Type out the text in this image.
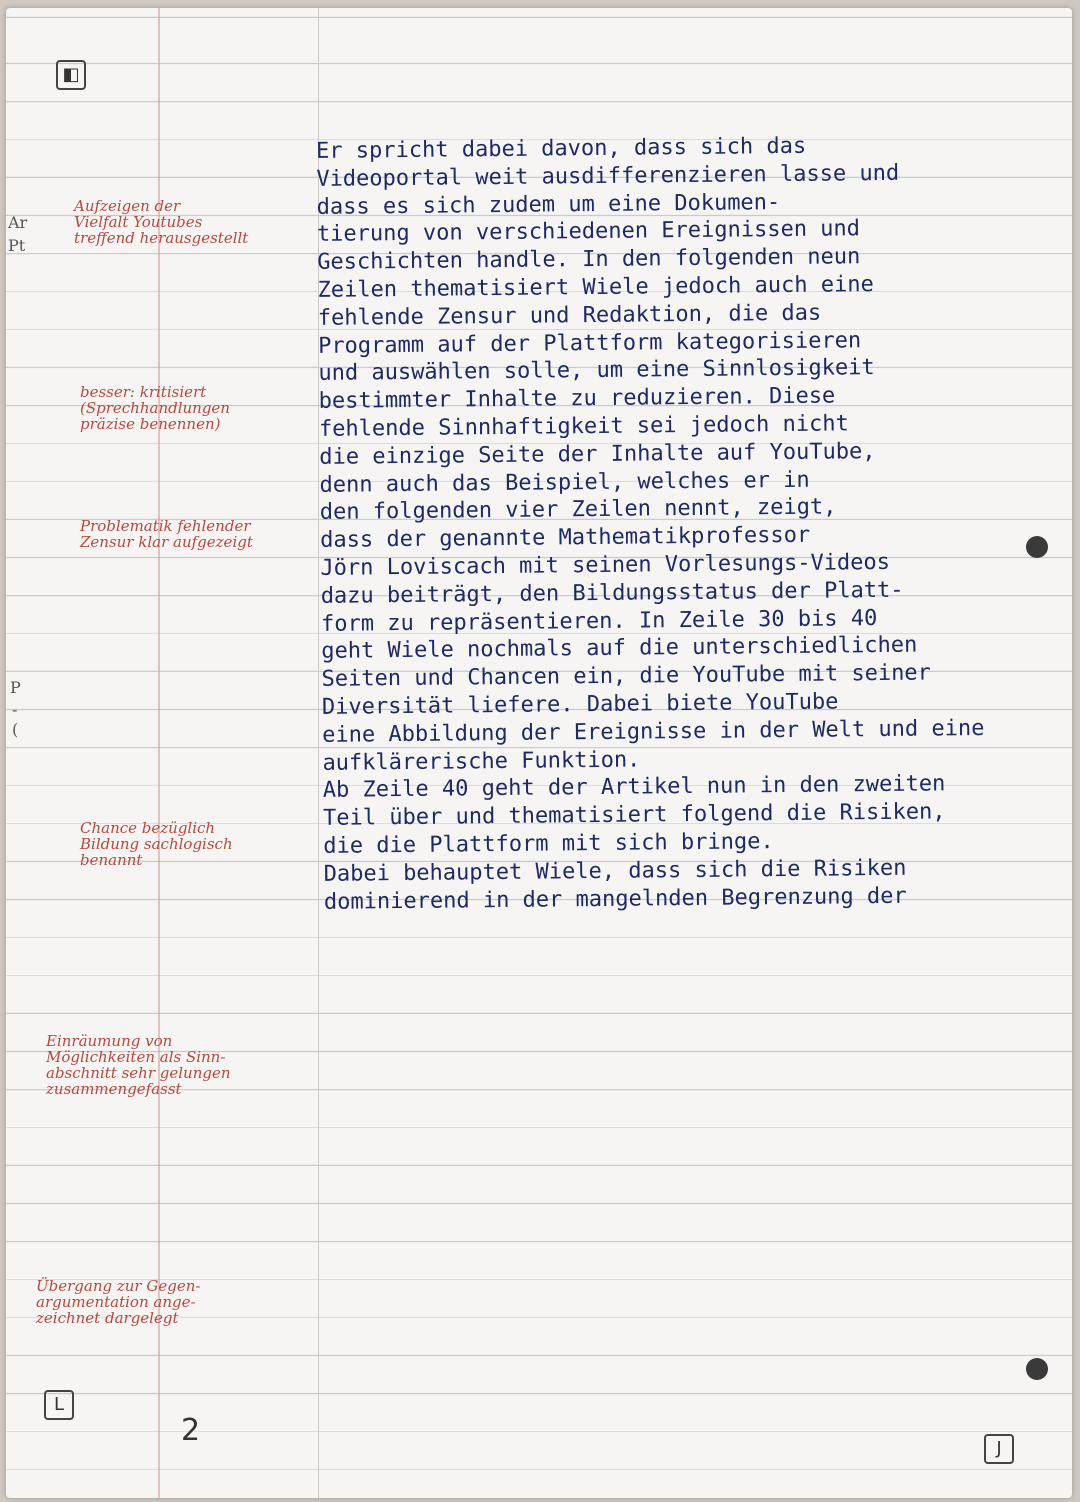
◧
L
J
Ar
Pt
P
-
(
Aufzeigen der
Vielfalt Youtubes
treffend herausgestellt
besser: kritisiert
(Sprechhandlungen
präzise benennen)
Problematik fehlender
Zensur klar aufgezeigt
Chance bezüglich
Bildung sachlogisch
benannt
Einräumung von
Möglichkeiten als Sinn-
abschnitt sehr gelungen
zusammengefasst
Übergang zur Gegen-
argumentation ange-
zeichnet dargelegt
Er spricht dabei davon, dass sich das
Videoportal weit ausdifferenzieren lasse und
dass es sich zudem um eine Dokumen-
tierung von verschiedenen Ereignissen und
Geschichten handle. In den folgenden neun
Zeilen thematisiert Wiele jedoch auch eine
fehlende Zensur und Redaktion, die das
Programm auf der Plattform kategorisieren
und auswählen solle, um eine Sinnlosigkeit
bestimmter Inhalte zu reduzieren. Diese
fehlende Sinnhaftigkeit sei jedoch nicht
die einzige Seite der Inhalte auf YouTube,
denn auch das Beispiel, welches er in
den folgenden vier Zeilen nennt, zeigt,
dass der genannte Mathematikprofessor
Jörn Loviscach mit seinen Vorlesungs-Videos
dazu beiträgt, den Bildungsstatus der Platt-
form zu repräsentieren. In Zeile 30 bis 40
geht Wiele nochmals auf die unterschiedlichen
Seiten und Chancen ein, die YouTube mit seiner
Diversität liefere. Dabei biete YouTube
eine Abbildung der Ereignisse in der Welt und eine
aufklärerische Funktion.
Ab Zeile 40 geht der Artikel nun in den zweiten
Teil über und thematisiert folgend die Risiken,
die die Plattform mit sich bringe.
Dabei behauptet Wiele, dass sich die Risiken
dominierend in der mangelnden Begrenzung der
2
